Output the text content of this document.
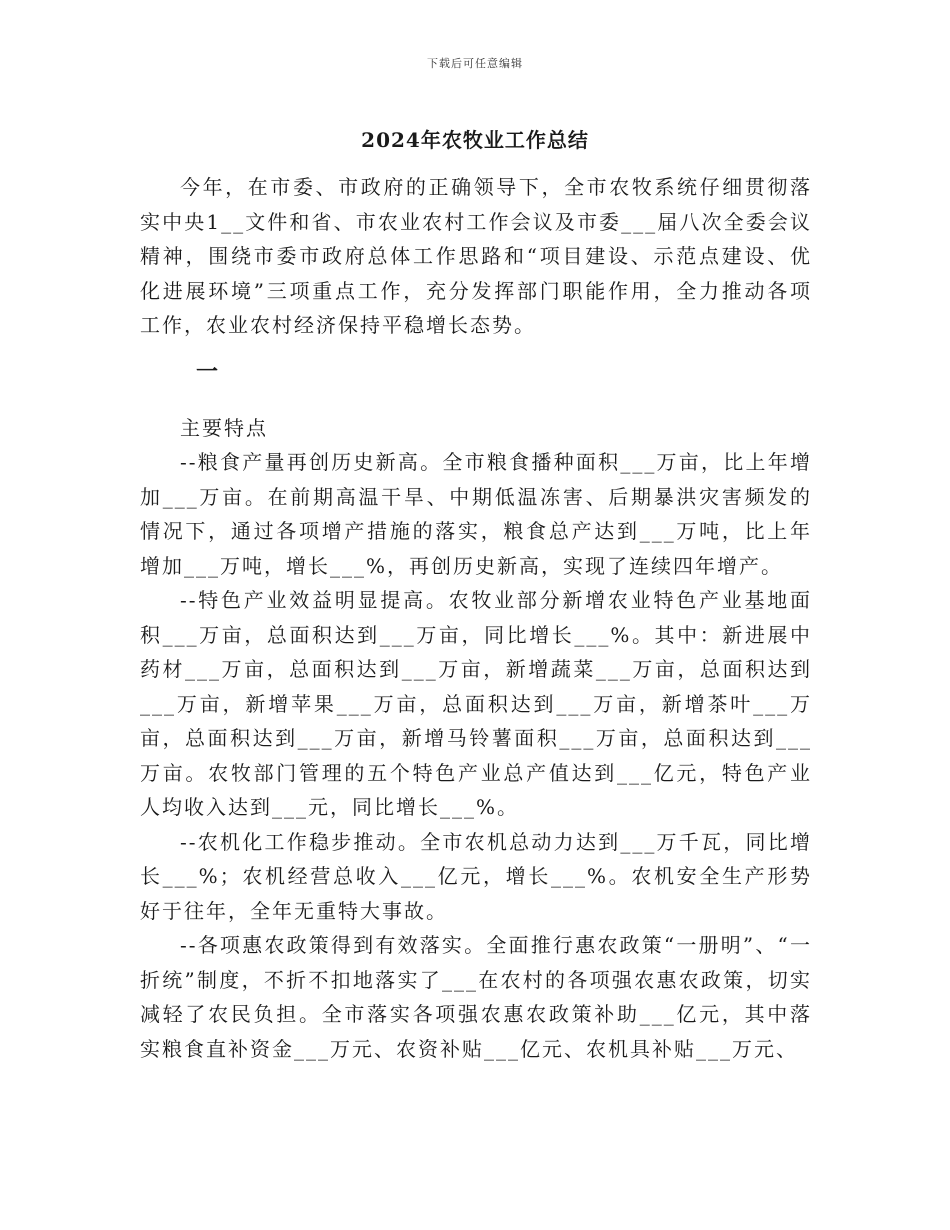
下载后可任意编辑
2024年农牧业工作总结

今年，在市委、市政府的正确领导下，全市农牧系统仔细贯彻落实中央1__文件和省、市农业农村工作会议及市委___届八次全委会议精神，围绕市委市政府总体工作思路和“项目建设、示范点建设、优化进展环境”三项重点工作，充分发挥部门职能作用，全力推动各项工作，农业农村经济保持平稳增长态势。

一

主要特点

--粮食产量再创历史新高。全市粮食播种面积___万亩，比上年增加___万亩。在前期高温干旱、中期低温冻害、后期暴洪灾害频发的情况下，通过各项增产措施的落实，粮食总产达到___万吨，比上年增加___万吨，增长___%，再创历史新高，实现了连续四年增产。

--特色产业效益明显提高。农牧业部分新增农业特色产业基地面积___万亩，总面积达到___万亩，同比增长___%。其中：新进展中药材___万亩，总面积达到___万亩，新增蔬菜___万亩，总面积达到___万亩，新增苹果___万亩，总面积达到___万亩，新增茶叶___万亩，总面积达到___万亩，新增马铃薯面积___万亩，总面积达到___万亩。农牧部门管理的五个特色产业总产值达到___亿元，特色产业人均收入达到___元，同比增长___%。

--农机化工作稳步推动。全市农机总动力达到___万千瓦，同比增长___%；农机经营总收入___亿元，增长___%。农机安全生产形势好于往年，全年无重特大事故。

--各项惠农政策得到有效落实。全面推行惠农政策“一册明”、“一折统”制度，不折不扣地落实了___在农村的各项强农惠农政策，切实减轻了农民负担。全市落实各项强农惠农政策补助___亿元，其中落实粮食直补资金___万元、农资补贴___亿元、农机具补贴___万元、
